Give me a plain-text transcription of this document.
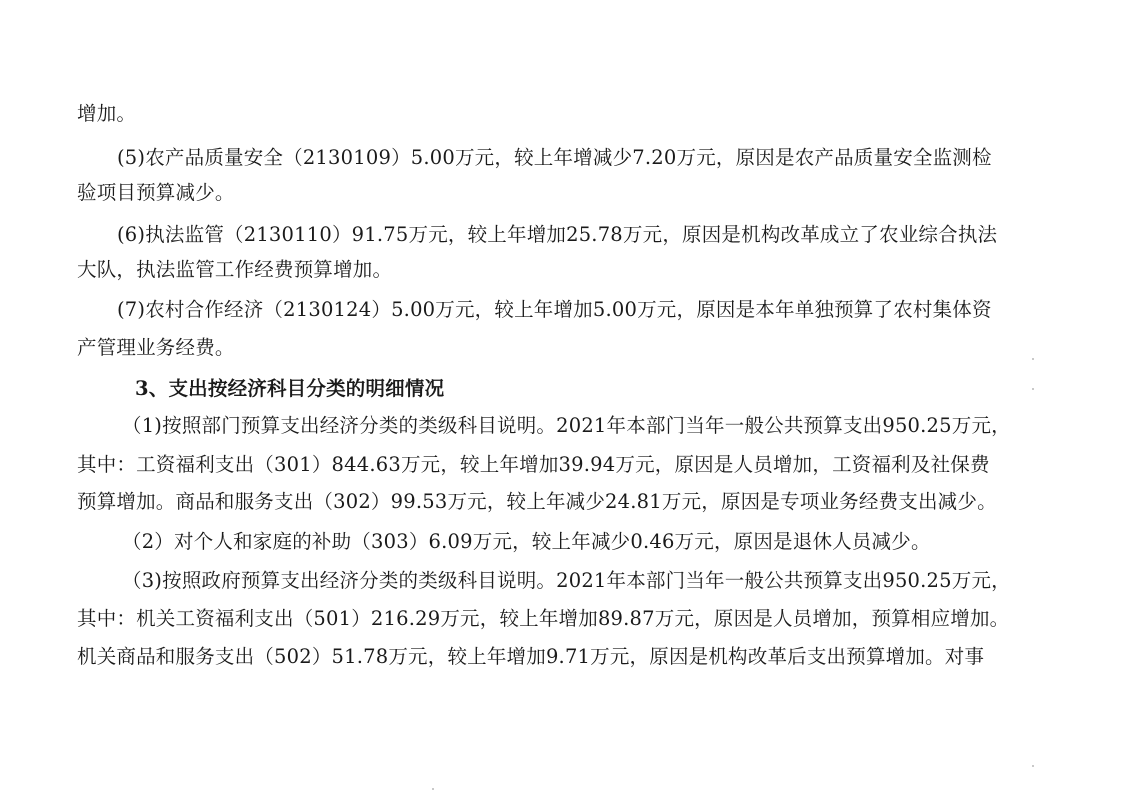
增加。
(5)农产品质量安全（2130109）5.00万元，较上年增减少7.20万元，原因是农产品质量安全监测检
验项目预算减少。
(6)执法监管（2130110）91.75万元，较上年增加25.78万元，原因是机构改革成立了农业综合执法
大队，执法监管工作经费预算增加。
(7)农村合作经济（2130124）5.00万元，较上年增加5.00万元，原因是本年单独预算了农村集体资
产管理业务经费。
3、支出按经济科目分类的明细情况
（1)按照部门预算支出经济分类的类级科目说明。2021年本部门当年一般公共预算支出950.25万元，
其中：工资福利支出（301）844.63万元，较上年增加39.94万元，原因是人员增加，工资福利及社保费
预算增加。商品和服务支出（302）99.53万元，较上年减少24.81万元，原因是专项业务经费支出减少。
（2）对个人和家庭的补助（303）6.09万元，较上年减少0.46万元，原因是退休人员减少。
（3)按照政府预算支出经济分类的类级科目说明。2021年本部门当年一般公共预算支出950.25万元，
其中：机关工资福利支出（501）216.29万元，较上年增加89.87万元，原因是人员增加，预算相应增加。
机关商品和服务支出（502）51.78万元，较上年增加9.71万元，原因是机构改革后支出预算增加。对事
